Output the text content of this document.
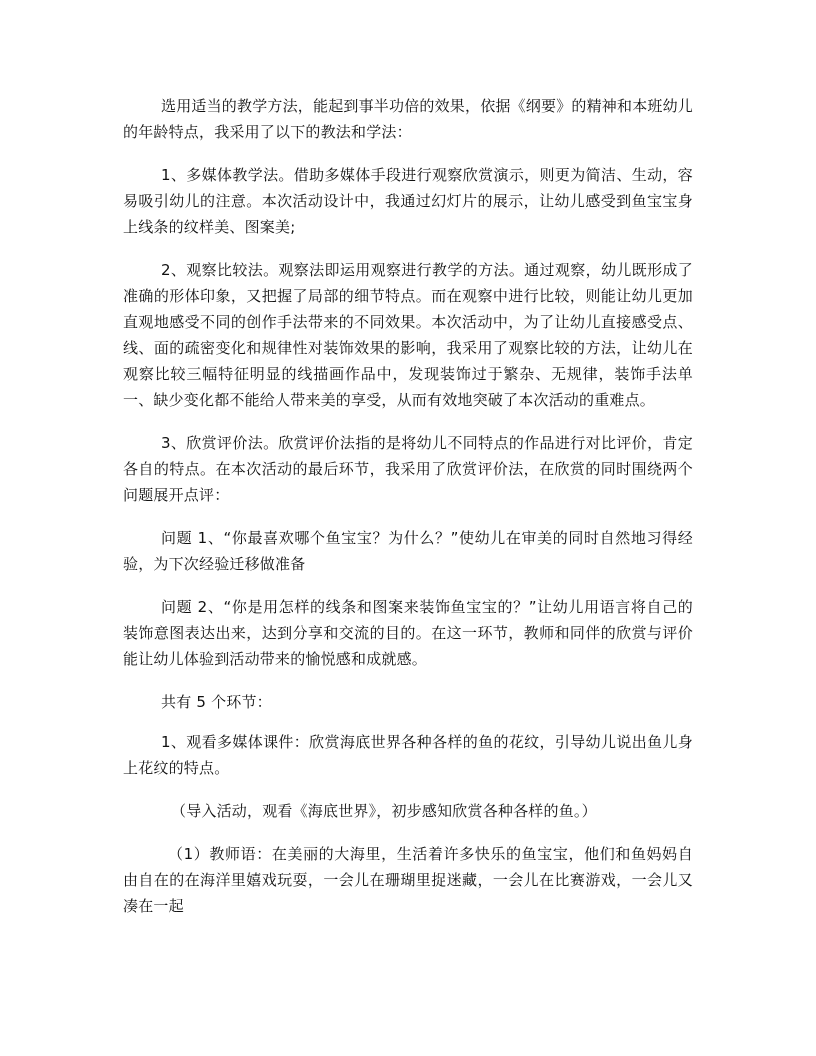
选用适当的教学方法，能起到事半功倍的效果，依据《纲要》的精神和本班幼儿的年龄特点，我采用了以下的教法和学法：

1、多媒体教学法。借助多媒体手段进行观察欣赏演示，则更为简洁、生动，容易吸引幼儿的注意。本次活动设计中，我通过幻灯片的展示，让幼儿感受到鱼宝宝身上线条的纹样美、图案美;

2、观察比较法。观察法即运用观察进行教学的方法。通过观察，幼儿既形成了准确的形体印象，又把握了局部的细节特点。而在观察中进行比较，则能让幼儿更加直观地感受不同的创作手法带来的不同效果。本次活动中，为了让幼儿直接感受点、线、面的疏密变化和规律性对装饰效果的影响，我采用了观察比较的方法，让幼儿在观察比较三幅特征明显的线描画作品中，发现装饰过于繁杂、无规律，装饰手法单一、缺少变化都不能给人带来美的享受，从而有效地突破了本次活动的重难点。

3、欣赏评价法。欣赏评价法指的是将幼儿不同特点的作品进行对比评价，肯定各自的特点。在本次活动的最后环节，我采用了欣赏评价法，在欣赏的同时围绕两个问题展开点评：

问题 1、“你最喜欢哪个鱼宝宝？为什么？”使幼儿在审美的同时自然地习得经验，为下次经验迁移做准备

问题 2、“你是用怎样的线条和图案来装饰鱼宝宝的？”让幼儿用语言将自己的装饰意图表达出来，达到分享和交流的目的。在这一环节，教师和同伴的欣赏与评价能让幼儿体验到活动带来的愉悦感和成就感。

共有 5 个环节：

1、观看多媒体课件：欣赏海底世界各种各样的鱼的花纹，引导幼儿说出鱼儿身上花纹的特点。

（导入活动，观看《海底世界》，初步感知欣赏各种各样的鱼。）

（1）教师语：在美丽的大海里，生活着许多快乐的鱼宝宝，他们和鱼妈妈自由自在的在海洋里嬉戏玩耍，一会儿在珊瑚里捉迷藏，一会儿在比赛游戏，一会儿又凑在一起
